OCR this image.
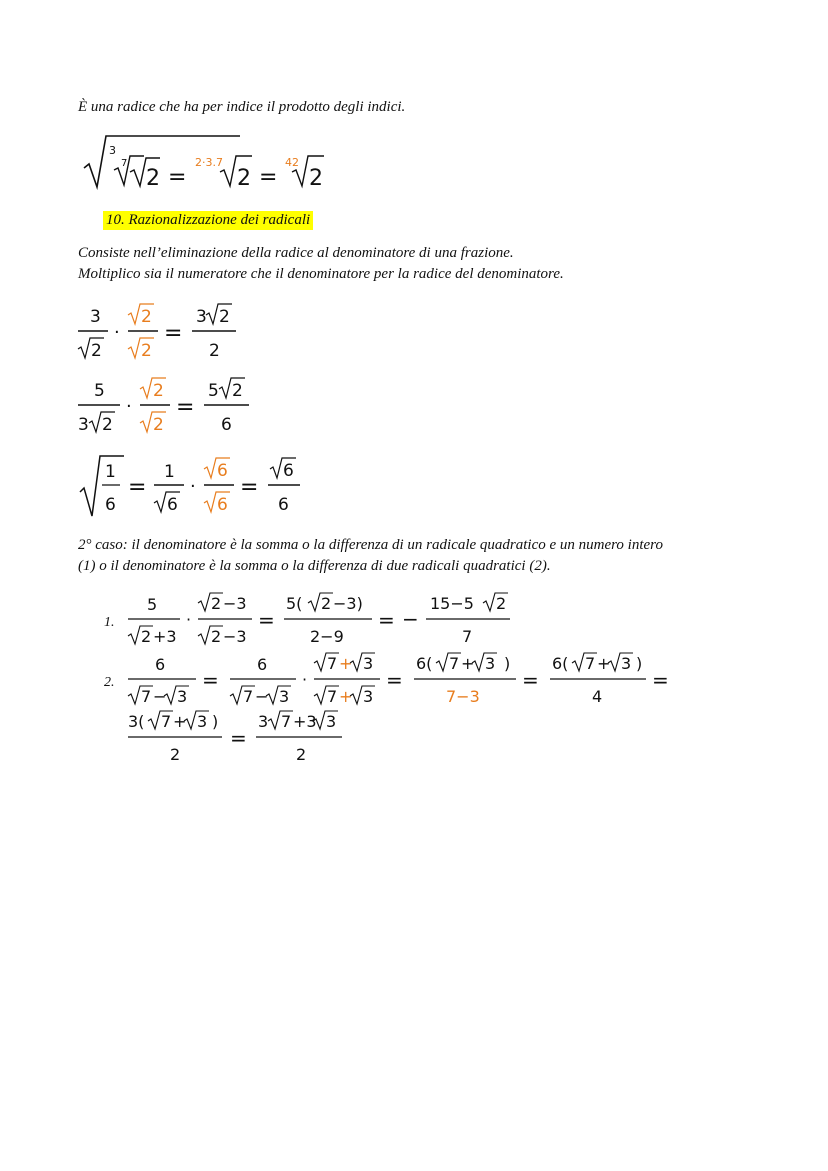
È una radice che ha per indice il prodotto degli indici.
3
7
2 =
2·3.7
2 =
42
2
10. Razionalizzazione dei radicali
Consiste nell’eliminazione della radice al denominatore di una frazione.
Moltiplico sia il numeratore che il denominatore per la radice del denominatore.
3
2
·
2
2
=
3 2
2
5
3 2
·
2
2
=
5 2
6
1
6
=
1
6
·
6
6
=
6
6
2° caso: il denominatore è la somma o la differenza di un radicale quadratico e un numero intero
(1) o il denominatore è la somma o la differenza di due radicali quadratici (2).
1.
5
2 +3
·
2 −3
2 −3
=
5( 2 −3)
2−9
= −
15−5 2
7
2.
6
7 − 3
=
6
7 − 3
·
7 + 3
7 + 3
=
6( 7 + 3 )
7−3
=
6( 7 + 3 )
4
=
3( 7 + 3 )
2
=
3 7 +3 3
2
